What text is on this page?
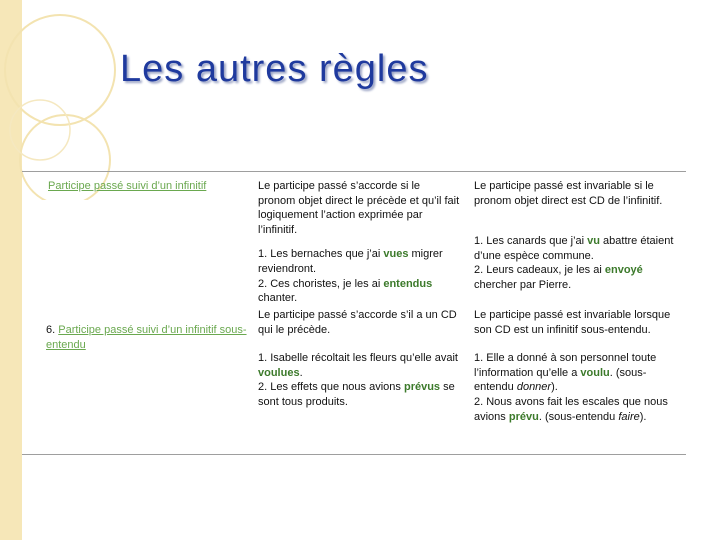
Les autres règles
Participe passé suivi d’un infinitif	Le participe passé s’accorde si le pronom objet direct le précède et qu’il fait logiquement l’action exprimée par l’infinitif.
1. Les bernaches que j’ai vues migrer reviendront.
2. Ces choristes, je les ai entendus chanter.
Le participe passé est invariable si le pronom objet direct est CD de l’infinitif.
1. Les canards que j’ai vu abattre étaient d’une espèce commune.
2. Leurs cadeaux, je les ai envoyé chercher par Pierre.
6. Participe passé suivi d’un infinitif sous-entendu
Le participe passé s’accorde s’il a un CD qui le précède.
1. Isabelle récoltait les fleurs qu’elle avait voulues.
2. Les effets que nous avions prévus se sont tous produits.
Le participe passé est invariable lorsque son CD est un infinitif sous-entendu.
1. Elle a donné à son personnel toute l’information qu’elle a voulu. (sous-entendu donner).
2. Nous avons fait les escales que nous avions prévu. (sous-entendu faire).
